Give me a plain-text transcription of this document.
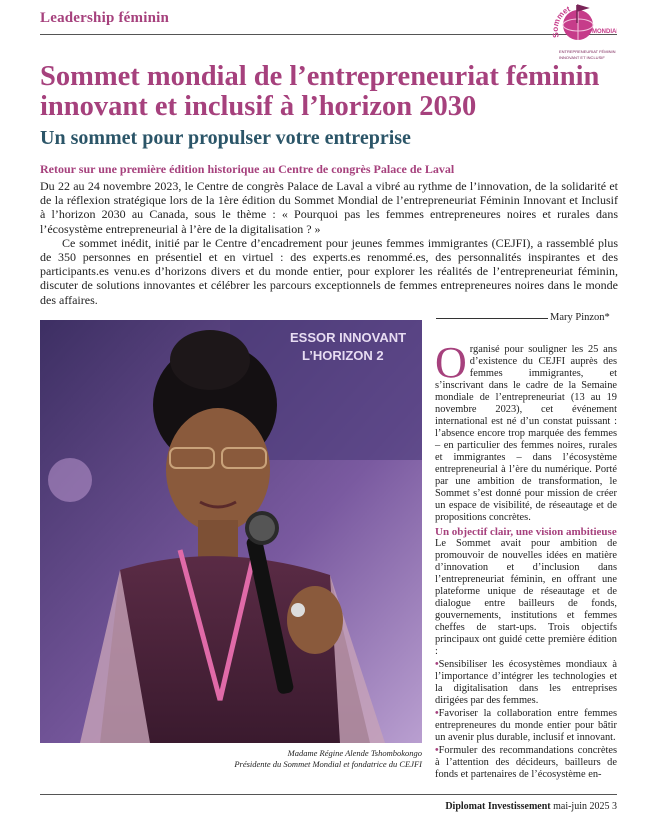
Leadership féminin
Sommet
MONDIA
ENTREPRENEURIAT FÉMININ
INNOVANT ET INCLUSIF
Sommet mondial de l’entrepreneuriat féminin innovant et inclusif à l’horizon 2030
Un sommet pour propulser votre entreprise

Retour sur une première édition historique au Centre de congrès Palace de Laval

Du 22 au 24 novembre 2023, le Centre de congrès Palace de Laval a vibré au rythme de l’innovation, de la solidarité et de la réflexion stratégique lors de la 1ère édition du Sommet Mondial de l’entrepreneuriat Féminin Innovant et Inclusif à l’horizon 2030 au Canada, sous le thème : « Pourquoi pas les femmes entrepreneures noires et rurales dans l’écosystème entrepreneurial à l’ère de la digitalisation ? »

Ce sommet inédit, initié par le Centre d’encadrement pour jeunes femmes immigrantes (CEJFI), a rassemblé plus de 350 personnes en présentiel et en virtuel : des experts.es renommé.es, des personnalités inspirantes et des participants.es venu.es d’horizons divers et du monde entier, pour explorer les réalités de l’entrepreneuriat féminin, discuter de solutions innovantes et célébrer les parcours exceptionnels de femmes entrepreneures noires dans le monde des affaires.

ESSOR INNOVANT
L’HORIZON 2
Madame Régine Alende Tshombokongo
Présidente du Sommet Mondial et fondatrice du CEJFI
Mary Pinzon*

Organisé pour souligner les 25 ans d’existence du CEJFI auprès des femmes immigrantes, et s’inscrivant dans le cadre de la Semaine mondiale de l’entrepreneuriat (13 au 19 novembre 2023), cet événement international est né d’un constat puissant : l’absence encore trop marquée des femmes – en particulier des femmes noires, rurales et immigrantes – dans l’écosystème entrepreneurial à l’ère du numérique. Porté par une ambition de transformation, le Sommet s’est donné pour mission de créer un espace de visibilité, de réseautage et de propositions concrètes.

Un objectif clair, une vision ambitieuse

Le Sommet avait pour ambition de promouvoir de nouvelles idées en matière d’innovation et d’inclusion dans l’entrepreneuriat féminin, en offrant une plateforme unique de réseautage et de dialogue entre bailleurs de fonds, gouvernements, institutions et femmes cheffes de start-ups. Trois objectifs principaux ont guidé cette première édition :

•Sensibiliser les écosystèmes mondiaux à l’importance d’intégrer les technologies et la digitalisation dans les entreprises dirigées par des femmes.
•Favoriser la collaboration entre femmes entrepreneures du monde entier pour bâtir un avenir plus durable, inclusif et innovant.
•Formuler des recommandations concrètes à l’attention des décideurs, bailleurs de fonds et partenaires de l’écosystème en-
Diplomat Investissement mai-juin 2025 3
